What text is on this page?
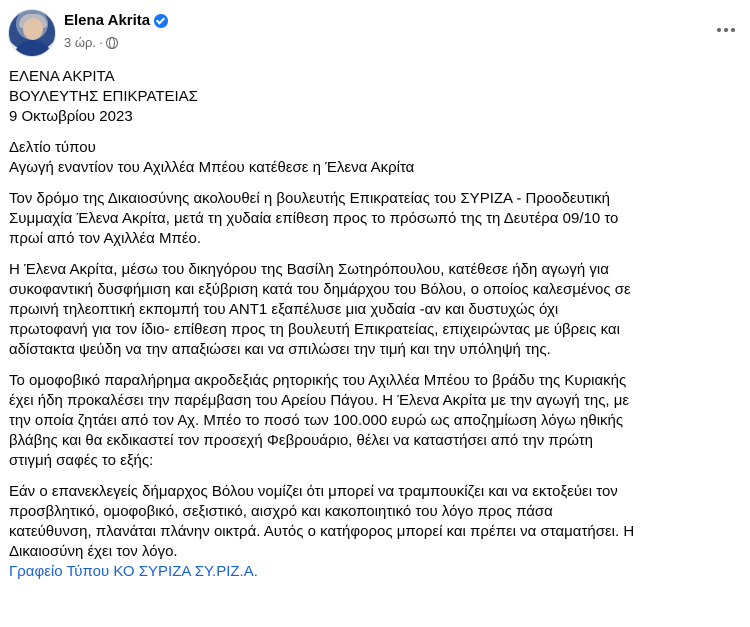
Elena Akrita
3 ώρ. ·

ΕΛΕΝΑ ΑΚΡΙΤΑ

ΒΟΥΛΕΥΤΗΣ ΕΠΙΚΡΑΤΕΙΑΣ

9 Οκτωβρίου 2023

Δελτίο τύπου

Αγωγή εναντίον του Αχιλλέα Μπέου κατέθεσε η Έλενα Ακρίτα

Τον δρόμο της Δικαιοσύνης ακολουθεί η βουλευτής Επικρατείας του ΣΥΡΙΖΑ - Προοδευτική

Συμμαχία Έλενα Ακρίτα, μετά τη χυδαία επίθεση προς το πρόσωπό της τη Δευτέρα 09/10 το

πρωί από τον Αχιλλέα Μπέο.

Η Έλενα Ακρίτα, μέσω του δικηγόρου της Βασίλη Σωτηρόπουλου, κατέθεσε ήδη αγωγή για

συκοφαντική δυσφήμιση και εξύβριση κατά του δημάρχου του Βόλου, ο οποίος καλεσμένος σε

πρωινή τηλεοπτική εκπομπή του ΑΝΤ1 εξαπέλυσε μια χυδαία -αν και δυστυχώς όχι

πρωτοφανή για τον ίδιο- επίθεση προς τη βουλευτή Επικρατείας, επιχειρώντας με ύβρεις και

αδίστακτα ψεύδη να την απαξιώσει και να σπιλώσει την τιμή και την υπόληψή της.

Το ομοφοβικό παραλήρημα ακροδεξιάς ρητορικής του Αχιλλέα Μπέου το βράδυ της Κυριακής

έχει ήδη προκαλέσει την παρέμβαση του Αρείου Πάγου. Η Έλενα Ακρίτα με την αγωγή της, με

την οποία ζητάει από τον Αχ. Μπέο το ποσό των 100.000 ευρώ ως αποζημίωση λόγω ηθικής

βλάβης και θα εκδικαστεί τον προσεχή Φεβρουάριο, θέλει να καταστήσει από την πρώτη

στιγμή σαφές το εξής:

Εάν ο επανεκλεγείς δήμαρχος Βόλου νομίζει ότι μπορεί να τραμπουκίζει και να εκτοξεύει τον

προσβλητικό, ομοφοβικό, σεξιστικό, αισχρό και κακοποιητικό του λόγο προς πάσα

κατεύθυνση, πλανάται πλάνην οικτρά. Αυτός ο κατήφορος μπορεί και πρέπει να σταματήσει. Η

Δικαιοσύνη έχει τον λόγο.

Γραφείο Τύπου ΚΟ ΣΥΡΙΖΑ ΣΥ.ΡΙΖ.Α.
